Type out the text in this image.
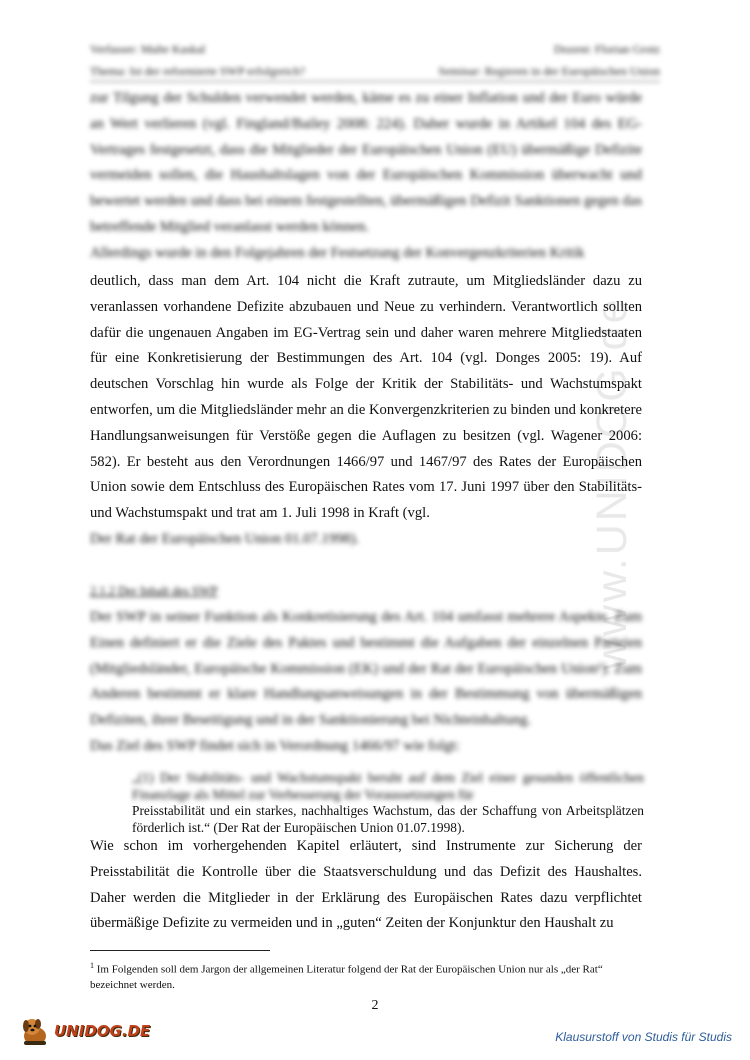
www.UNIDOG.de
Verfasser: Malte Kaskal	Dozent: Florian Grotz
Thema: Ist der reformierte SWP erfolgreich?	Seminar: Regieren in der Europäischen Union
zur Tilgung der Schulden verwendet werden, käme es zu einer Inflation und der Euro würde an Wert verlieren (vgl. Fingland/Bailey 2008: 224). Daher wurde in Artikel 104 des EG-Vertrages festgesetzt, dass die Mitglieder der Europäischen Union (EU) übermäßige Defizite vermeiden sollen, die Haushaltslagen von der Europäischen Kommission überwacht und bewertet werden und dass bei einem festgestellten, übermäßigen Defizit Sanktionen gegen das betreffende Mitglied veranlasst werden können.
Allerdings wurde in den Folgejahren der Festsetzung der Konvergenzkriterien Kritik
deutlich, dass man dem Art. 104 nicht die Kraft zutraute, um Mitgliedsländer dazu zu veranlassen vorhandene Defizite abzubauen und Neue zu verhindern. Verantwortlich sollten dafür die ungenauen Angaben im EG-Vertrag sein und daher waren mehrere Mitgliedstaaten für eine Konkretisierung der Bestimmungen des Art. 104 (vgl. Donges 2005: 19). Auf deutschen Vorschlag hin wurde als Folge der Kritik der Stabilitäts- und Wachstumspakt entworfen, um die Mitgliedsländer mehr an die Konvergenzkriterien zu binden und konkretere Handlungsanweisungen für Verstöße gegen die Auflagen zu besitzen (vgl. Wagener 2006: 582). Er besteht aus den Verordnungen 1466/97 und 1467/97 des Rates der Europäischen Union sowie dem Entschluss des Europäischen Rates vom 17. Juni 1997 über den Stabilitäts- und Wachstumspakt und trat am 1. Juli 1998 in Kraft (vgl.
Der Rat der Europäischen Union 01.07.1998).
2.1.2 Der Inhalt des SWP
Der SWP in seiner Funktion als Konkretisierung des Art. 104 umfasst mehrere Aspekte. Zum Einen definiert er die Ziele des Paktes und bestimmt die Aufgaben der einzelnen Parteien (Mitgliedsländer, Europäische Kommission (EK) und der Rat der Europäischen Union¹). Zum Anderen bestimmt er klare Handlungsanweisungen in der Bestimmung von übermäßigen Defiziten, ihrer Beseitigung und in der Sanktionierung bei Nichteinhaltung.
Das Ziel des SWP findet sich in Verordnung 1466/97 wie folgt:
„(1) Der Stabilitäts- und Wachstumspakt beruht auf dem Ziel einer gesunden öffentlichen Finanzlage als Mittel zur Verbesserung der Voraussetzungen für
Preisstabilität und ein starkes, nachhaltiges Wachstum, das der Schaffung von Arbeitsplätzen förderlich ist.“ (Der Rat der Europäischen Union 01.07.1998).
Wie schon im vorhergehenden Kapitel erläutert, sind Instrumente zur Sicherung der Preisstabilität die Kontrolle über die Staatsverschuldung und das Defizit des Haushaltes. Daher werden die Mitglieder in der Erklärung des Europäischen Rates dazu verpflichtet übermäßige Defizite zu vermeiden und in „guten“ Zeiten der Konjunktur den Haushalt zu
$^1$ Im Folgenden soll dem Jargon der allgemeinen Literatur folgend der Rat der Europäischen Union nur als „der Rat“ bezeichnet werden.
2
UNIDOG.DE	Klausurstoff von Studis für Studis
